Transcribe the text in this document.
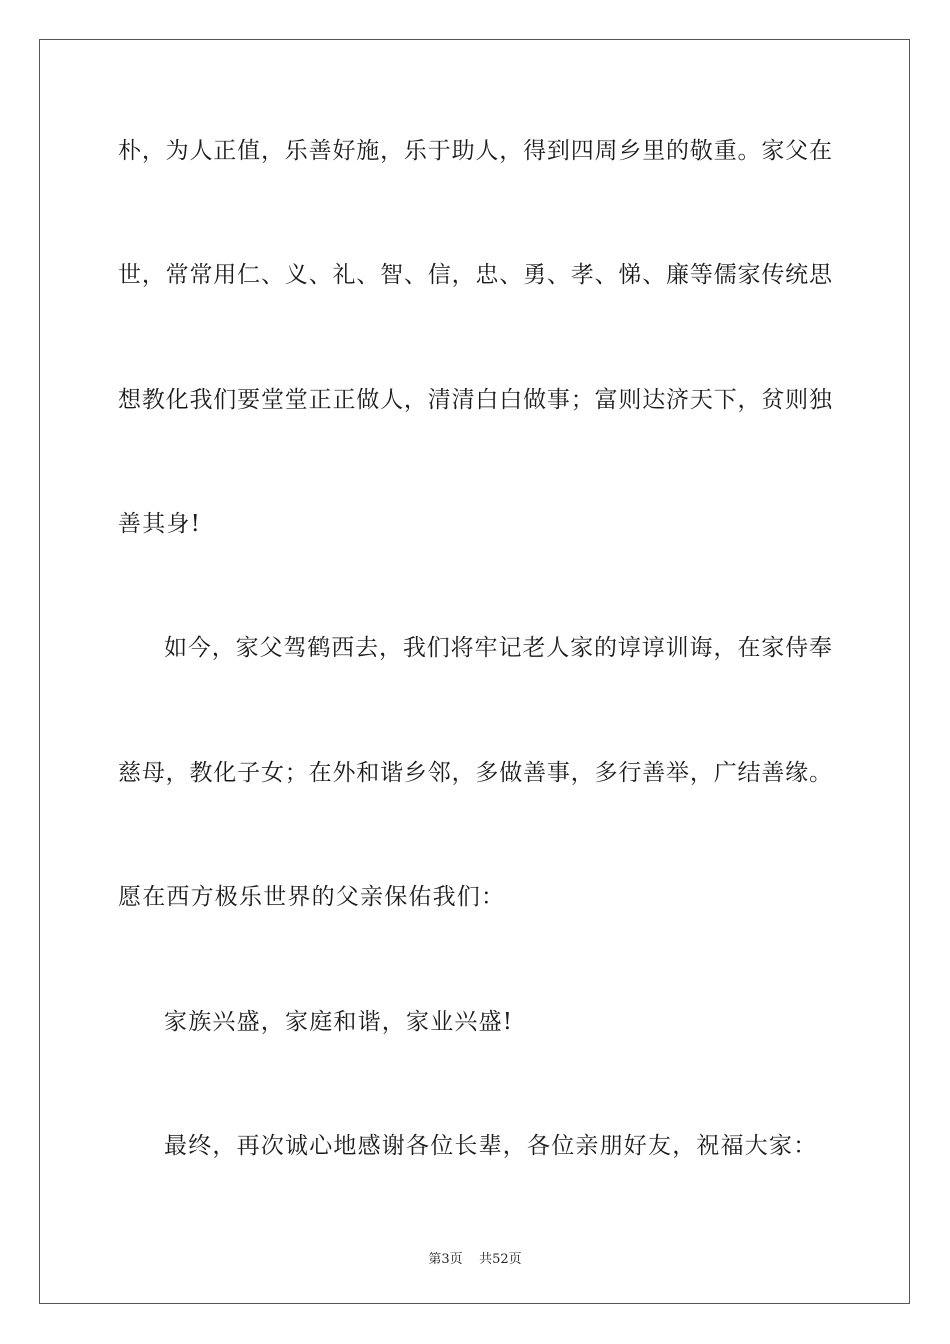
朴，为人正值，乐善好施，乐于助人，得到四周乡里的敬重。家父在
世，常常用仁、义、礼、智、信，忠、勇、孝、悌、廉等儒家传统思
想教化我们要堂堂正正做人，清清白白做事；富则达济天下，贫则独
善其身!
如今，家父驾鹤西去，我们将牢记老人家的谆谆训诲，在家侍奉
慈母，教化子女；在外和谐乡邻，多做善事，多行善举，广结善缘。
愿在西方极乐世界的父亲保佑我们：
家族兴盛，家庭和谐，家业兴盛!
最终，再次诚心地感谢各位长辈，各位亲朋好友，祝福大家：
第3页 共52页
